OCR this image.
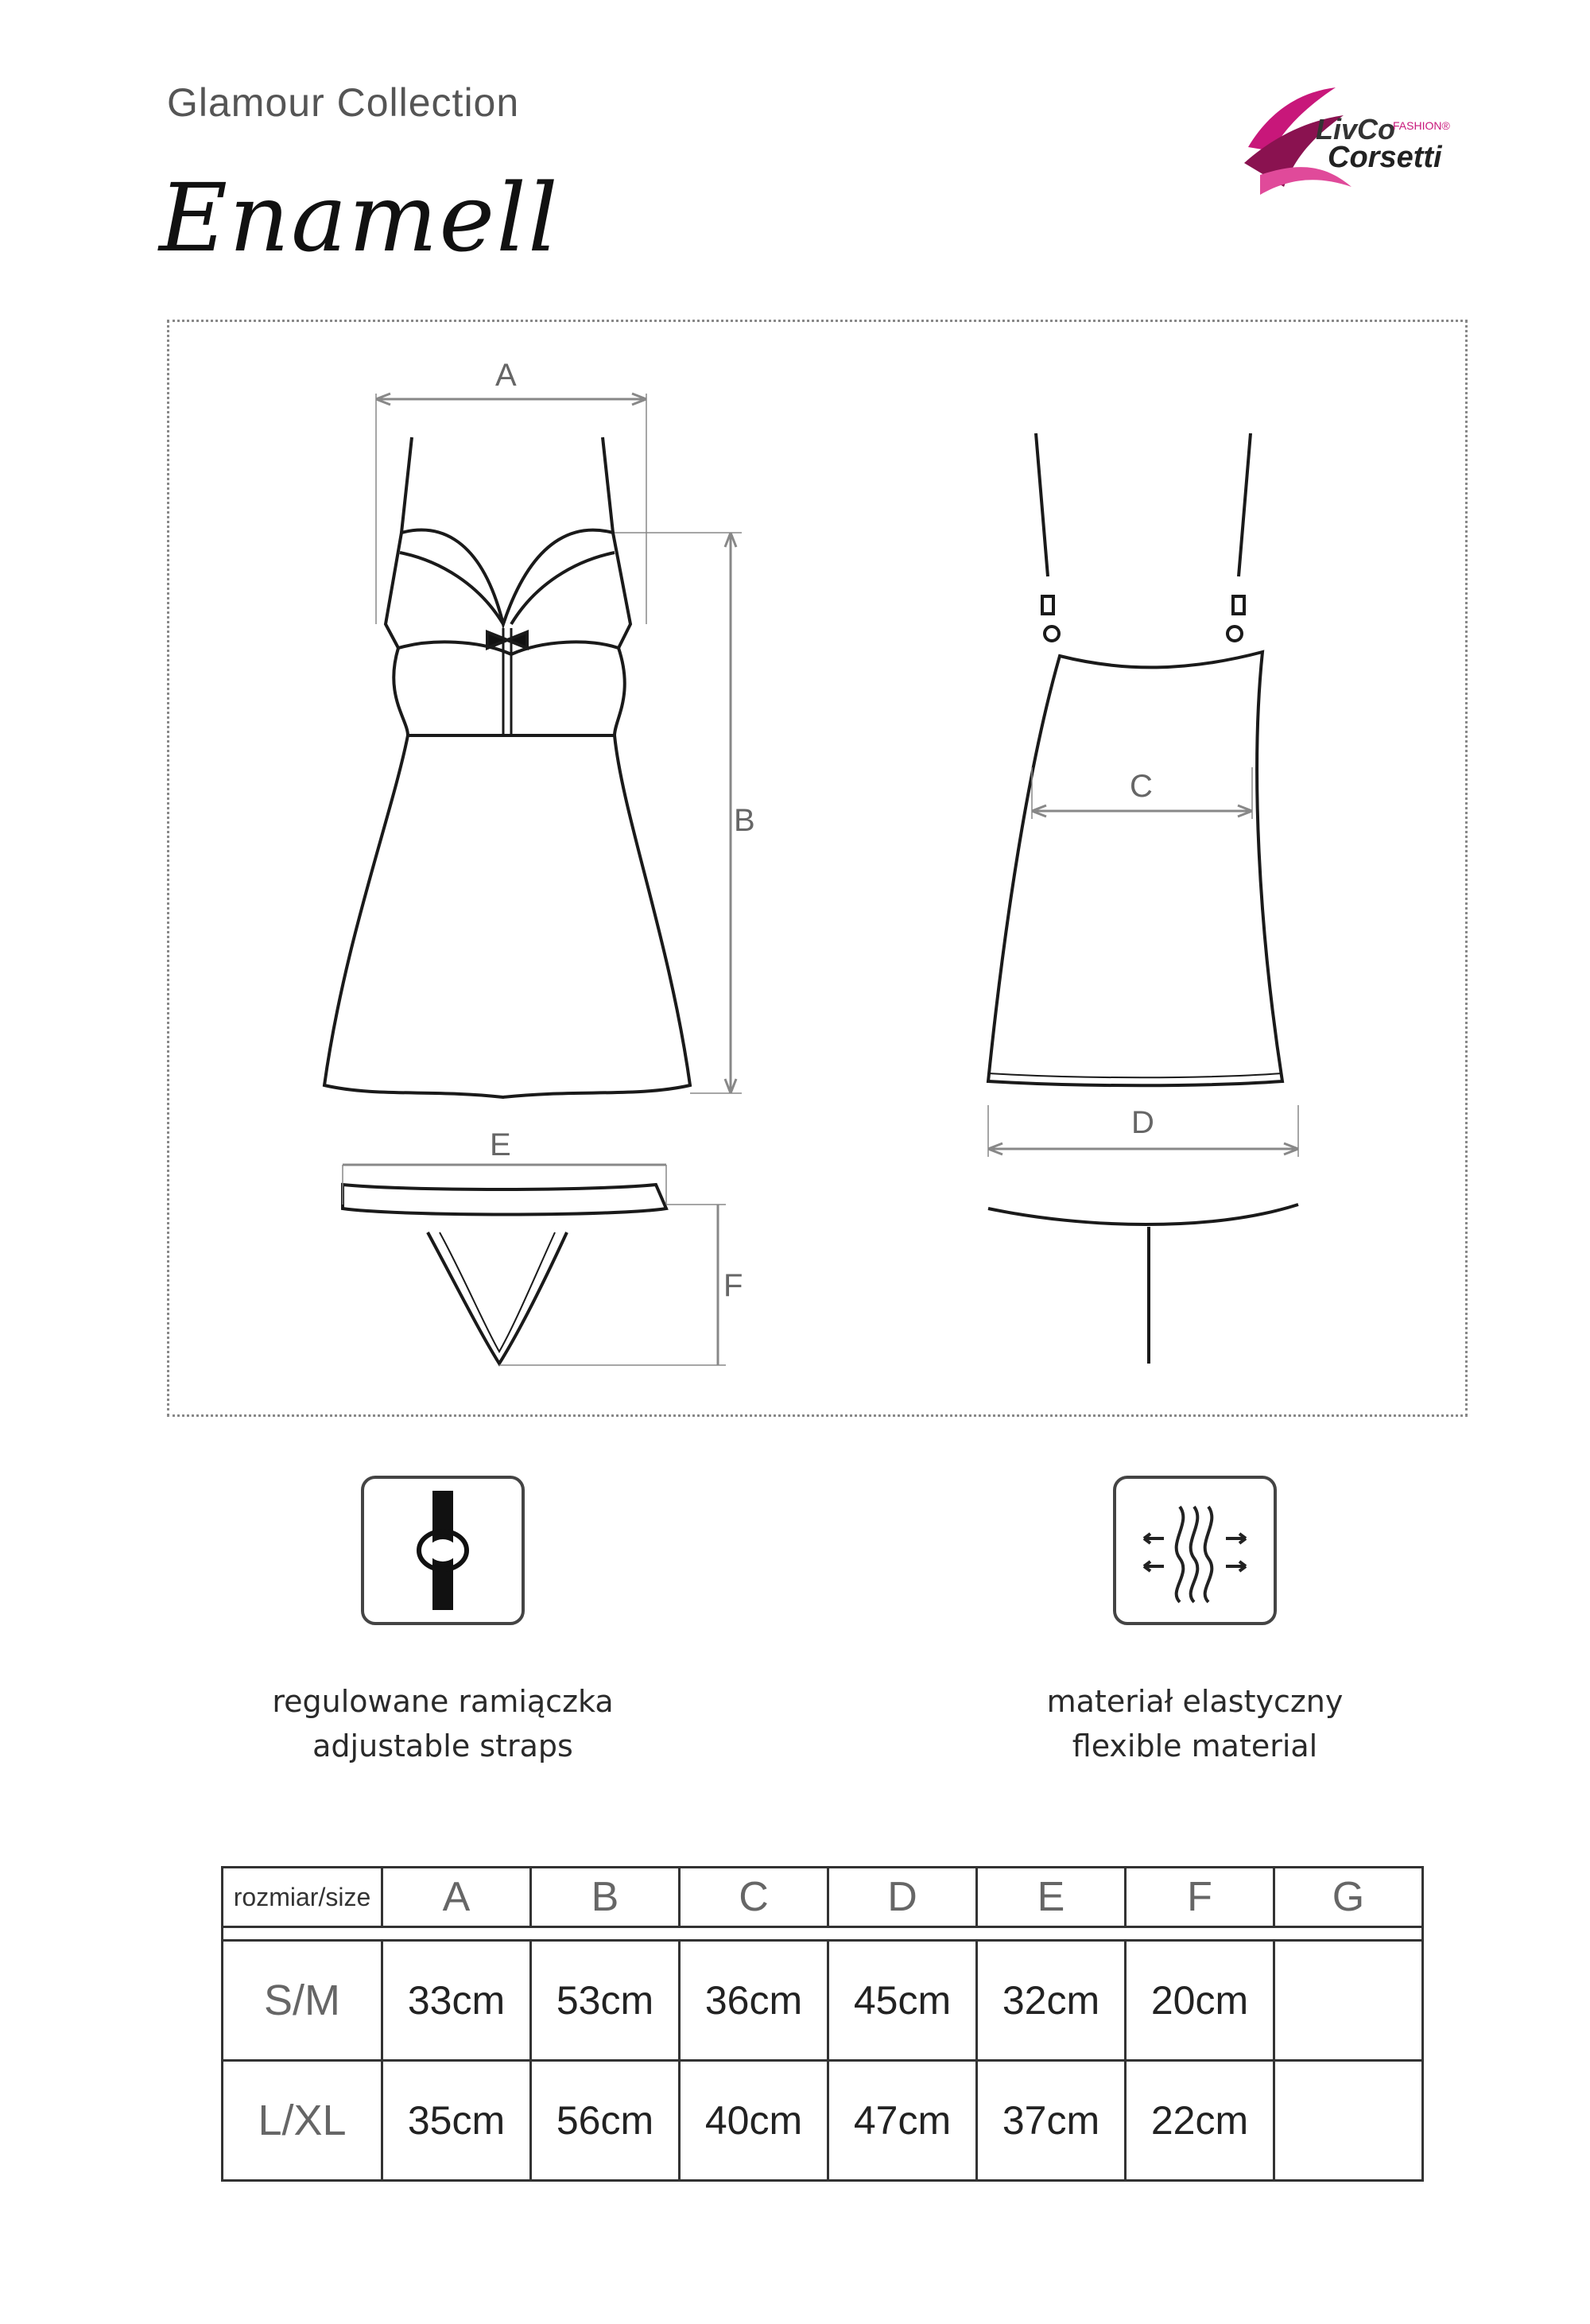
Glamour Collection
Enamell
LivCo
FASHION®
Corsetti
A
B
C
D
E
F
regulowane ramiączka
adjustable straps
materiał elastyczny
flexible material
rozmiar/size	A	B	C	D	E	F	G

S/M	33cm	53cm	36cm	45cm	32cm	20cm	
L/XL	35cm	56cm	40cm	47cm	37cm	22cm	
